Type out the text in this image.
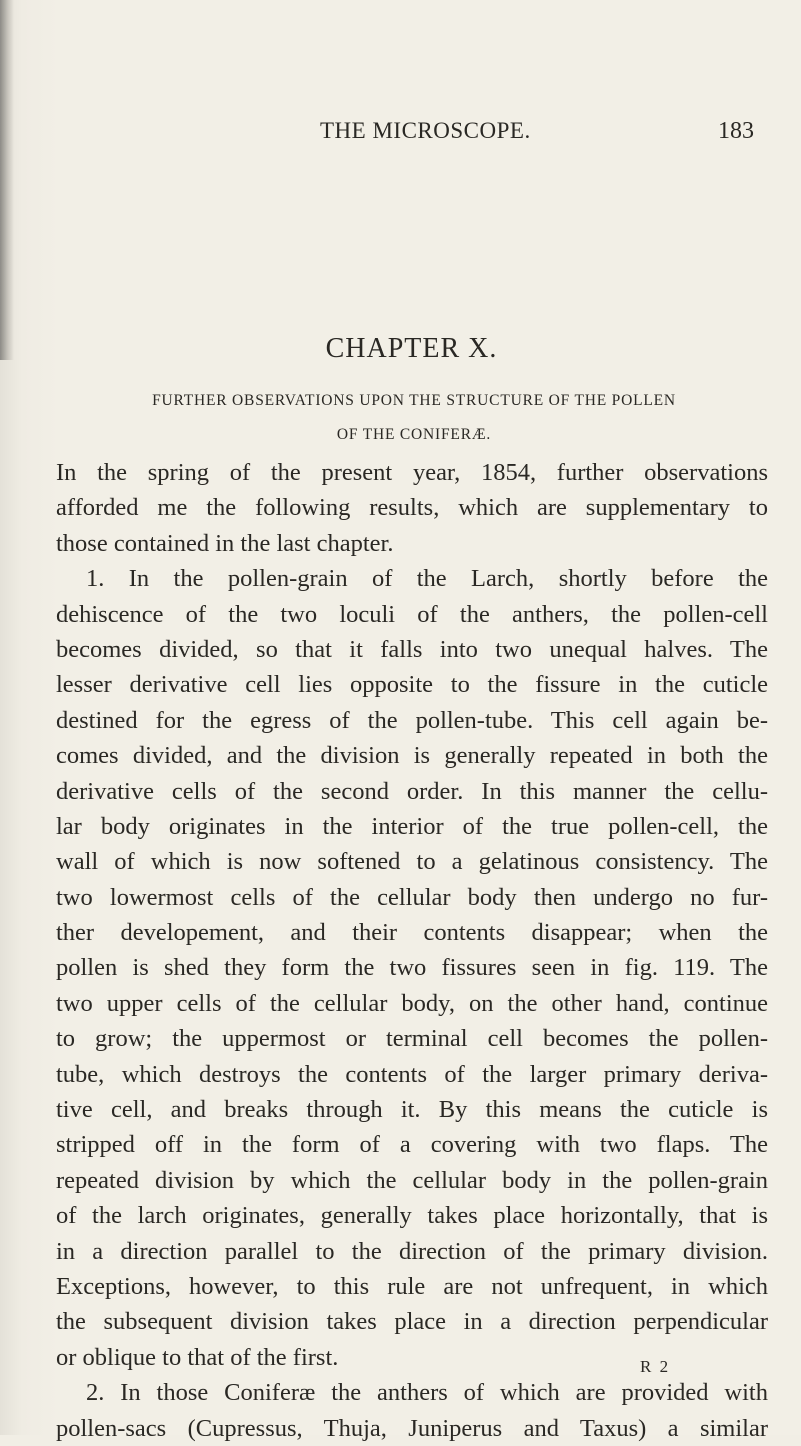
THE MICROSCOPE.	183
CHAPTER X.
FURTHER OBSERVATIONS UPON THE STRUCTURE OF THE POLLEN
OF THE CONIFERÆ.
In the spring of the present year, 1854, further observations
afforded me the following results, which are supplementary to
those contained in the last chapter.
1. In the pollen-grain of the Larch, shortly before the
dehiscence of the two loculi of the anthers, the pollen-cell
becomes divided, so that it falls into two unequal halves. The
lesser derivative cell lies opposite to the fissure in the cuticle
destined for the egress of the pollen-tube. This cell again be-
comes divided, and the division is generally repeated in both the
derivative cells of the second order. In this manner the cellu-
lar body originates in the interior of the true pollen-cell, the
wall of which is now softened to a gelatinous consistency. The
two lowermost cells of the cellular body then undergo no fur-
ther developement, and their contents disappear; when the
pollen is shed they form the two fissures seen in fig. 119. The
two upper cells of the cellular body, on the other hand, continue
to grow; the uppermost or terminal cell becomes the pollen-
tube, which destroys the contents of the larger primary deriva-
tive cell, and breaks through it. By this means the cuticle is
stripped off in the form of a covering with two flaps. The
repeated division by which the cellular body in the pollen-grain
of the larch originates, generally takes place horizontally, that is
in a direction parallel to the direction of the primary division.
Exceptions, however, to this rule are not unfrequent, in which
the subsequent division takes place in a direction perpendicular
or oblique to that of the first.
2. In those Coniferæ the anthers of which are provided with
pollen-sacs (Cupressus, Thuja, Juniperus and Taxus) a similar
R 2
